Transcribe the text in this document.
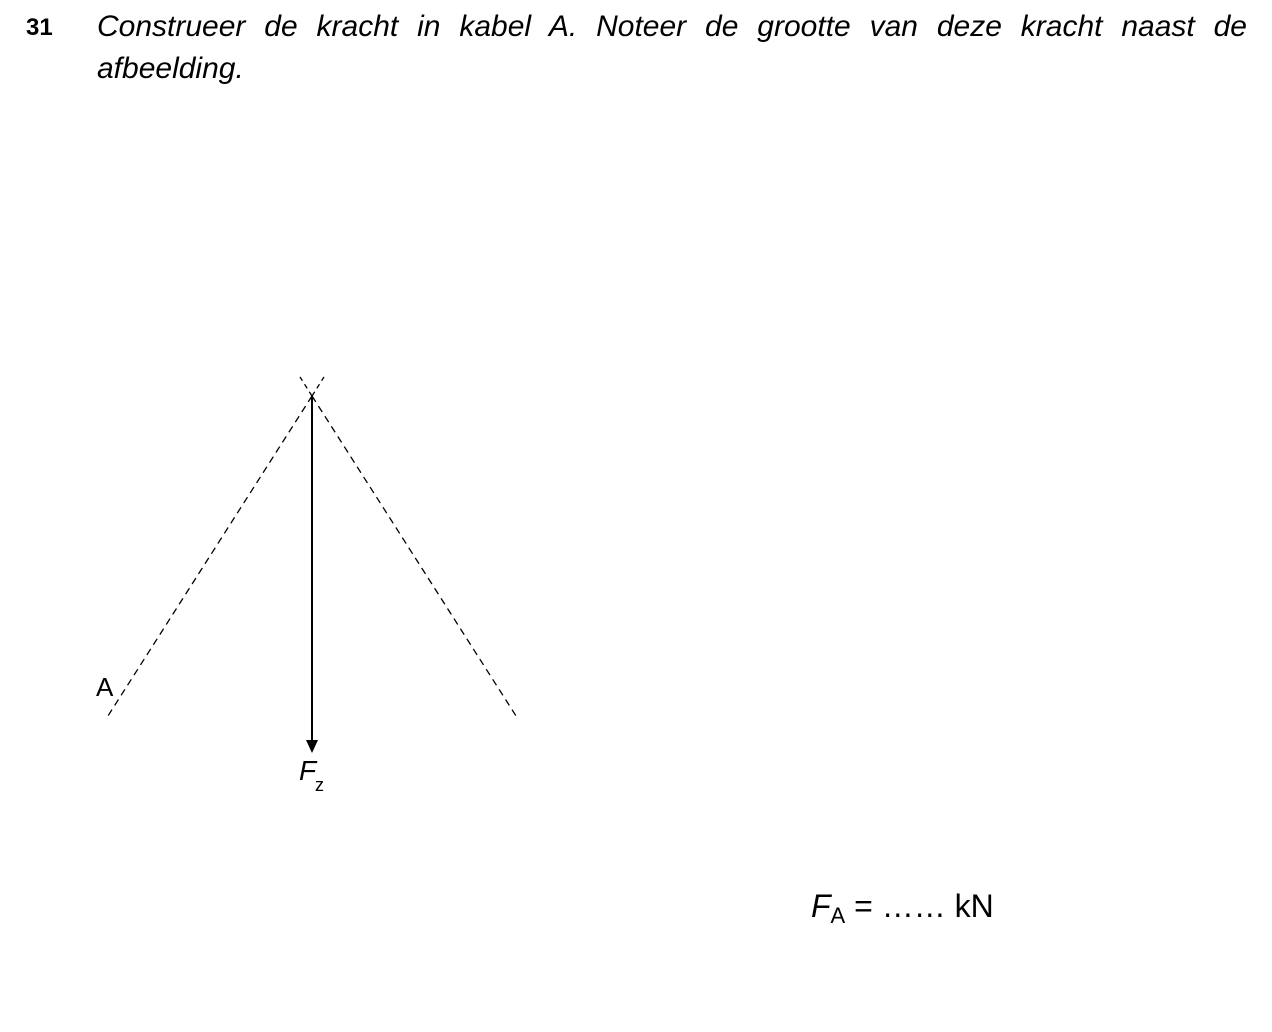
31 Construeer de kracht in kabel A. Noteer de grootte van deze kracht naast de afbeelding.
A
F
z
$F_A$ = …… kN
